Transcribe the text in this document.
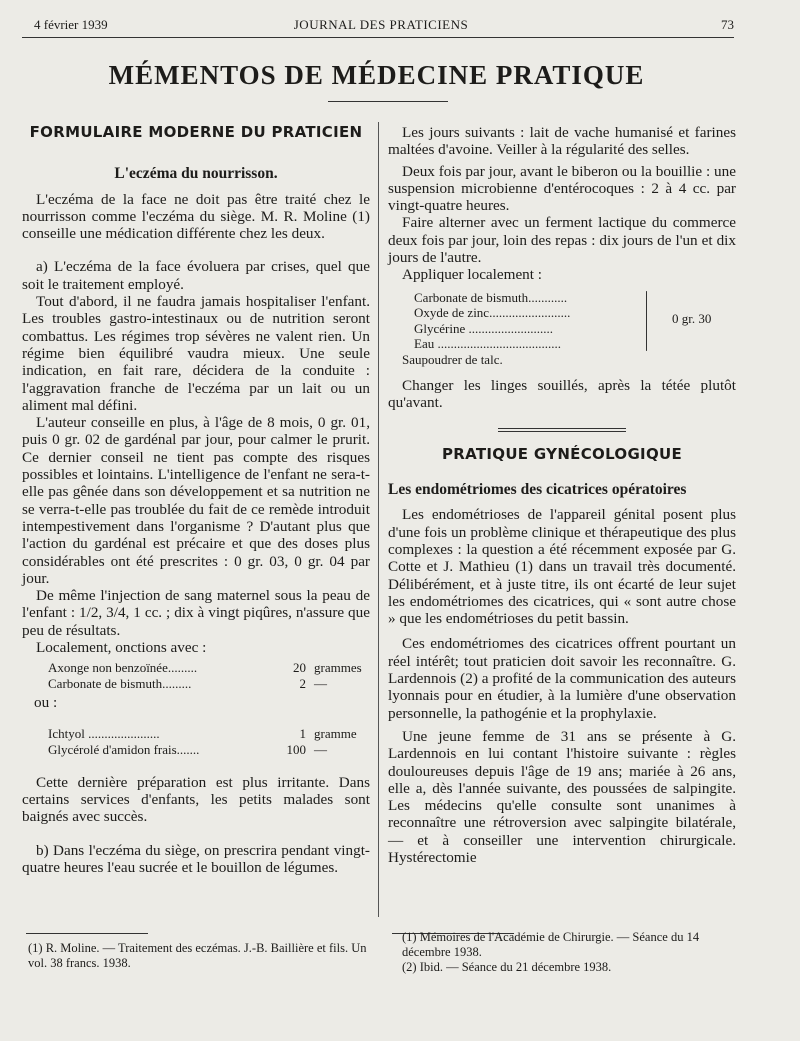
4 février 1939	JOURNAL DES PRATICIENS	73
MÉMENTOS DE MÉDECINE PRATIQUE
FORMULAIRE MODERNE DU PRATICIEN
L'eczéma du nourrisson.

L'eczéma de la face ne doit pas être traité chez le nourrisson comme l'eczéma du siège. M. R. Moline (1) conseille une médication différente chez les deux.

a) L'eczéma de la face évoluera par crises, quel que soit le traitement employé.

Tout d'abord, il ne faudra jamais hospitaliser l'enfant. Les troubles gastro-intestinaux ou de nutrition seront combattus. Les régimes trop sévères ne valent rien. Un régime bien équilibré vaudra mieux. Une seule indication, en fait rare, décidera de la conduite : l'aggravation franche de l'eczéma par un lait ou un aliment mal défini.

L'auteur conseille en plus, à l'âge de 8 mois, 0 gr. 01, puis 0 gr. 02 de gardénal par jour, pour calmer le prurit. Ce dernier conseil ne tient pas compte des risques possibles et lointains. L'intelligence de l'enfant ne sera-t-elle pas gênée dans son développement et sa nutrition ne se verra-t-elle pas troublée du fait de ce remède introduit intempestivement dans l'organisme ? D'autant plus que l'action du gardénal est précaire et que des doses plus considérables ont été prescrites : 0 gr. 03, 0 gr. 04 par jour.

De même l'injection de sang maternel sous la peau de l'enfant : 1/2, 3/4, 1 cc. ; dix à vingt piqûres, n'assure que peu de résultats.

Localement, onctions avec :

Axonge non benzoïnée.........	20 grammes
Carbonate de bismuth.........	2 —

ou :

Ichtyol ......................	1 gramme
Glycérolé d'amidon frais.......	100 —

Cette dernière préparation est plus irritante. Dans certains services d'enfants, les petits malades sont baignés avec succès.

b) Dans l'eczéma du siège, on prescrira pendant vingt-quatre heures l'eau sucrée et le bouillon de légumes.

(1) R. Moline. — Traitement des eczémas. J.-B. Baillière et fils. Un vol. 38 francs. 1938.

Les jours suivants : lait de vache humanisé et farines maltées d'avoine. Veiller à la régularité des selles.

Deux fois par jour, avant le biberon ou la bouillie : une suspension microbienne d'entérocoques : 2 à 4 cc. par vingt-quatre heures.

Faire alterner avec un ferment lactique du commerce deux fois par jour, loin des repas : dix jours de l'un et dix jours de l'autre.

Appliquer localement :

Carbonate de bismuth............
Oxyde de zinc.........................
Glycérine ..........................
Eau ......................................
0 gr. 30
Saupoudrer de talc.

Changer les linges souillés, après la tétée plutôt qu'avant.

PRATIQUE GYNÉCOLOGIQUE
Les endométriomes des cicatrices opératoires

Les endométrioses de l'appareil génital posent plus d'une fois un problème clinique et thérapeutique des plus complexes : la question a été récemment exposée par G. Cotte et J. Mathieu (1) dans un travail très documenté. Délibérément, et à juste titre, ils ont écarté de leur sujet les endométriomes des cicatrices, qui « sont autre chose » que les endométrioses du petit bassin.

Ces endométriomes des cicatrices offrent pourtant un réel intérêt; tout praticien doit savoir les reconnaître. G. Lardennois (2) a profité de la communication des auteurs lyonnais pour en étudier, à la lumière d'une observation personnelle, la pathogénie et la prophylaxie.

Une jeune femme de 31 ans se présente à G. Lardennois en lui contant l'histoire suivante : règles douloureuses depuis l'âge de 19 ans; mariée à 26 ans, elle a, dès l'année suivante, des poussées de salpingite. Les médecins qu'elle consulte sont unanimes à reconnaître une rétroversion avec salpingite bilatérale, — et à conseiller une intervention chirurgicale. Hystérectomie

(1) Mémoires de l'Académie de Chirurgie. — Séance du 14 décembre 1938.
(2) Ibid. — Séance du 21 décembre 1938.
